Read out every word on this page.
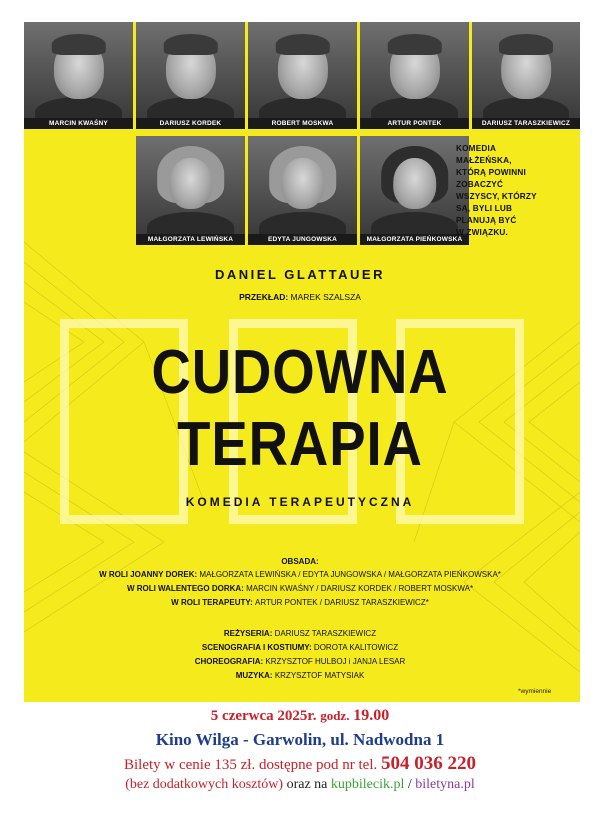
MARCIN KWAŚNY	DARIUSZ KORDEK	ROBERT MOSKWA	ARTUR PONTEK	DARIUSZ TARASZKIEWICZ
MAŁGORZATA LEWIŃSKA	EDYTA JUNGOWSKA	MAŁGORZATA PIEŃKOWSKA
KOMEDIA
MAŁŻEŃSKA,
KTÓRĄ POWINNI
ZOBACZYĆ
WSZYSCY, KTÓRZY
SĄ, BYLI LUB
PLANUJĄ BYĆ
W ZWIĄZKU.
DANIEL GLATTAUER
PRZEKŁAD: MAREK SZALSZA
CUDOWNA
TERAPIA
KOMEDIA TERAPEUTYCZNA
OBSADA:
W ROLI JOANNY DOREK: MAŁGORZATA LEWIŃSKA / EDYTA JUNGOWSKA / MAŁGORZATA PIEŃKOWSKA*
W ROLI WALENTEGO DORKA: MARCIN KWAŚNY / DARIUSZ KORDEK / ROBERT MOSKWA*
W ROLI TERAPEUTY: ARTUR PONTEK / DARIUSZ TARASZKIEWICZ*
REŻYSERIA: DARIUSZ TARASZKIEWICZ
SCENOGRAFIA I KOSTIUMY: DOROTA KALITOWICZ
CHOREOGRAFIA: KRZYSZTOF HULBOJ i JANJA LESAR
MUZYKA: KRZYSZTOF MATYSIAK
*wymiennie
5 czerwca 2025r. godz. 19.00
Kino Wilga - Garwolin, ul. Nadwodna 1
Bilety w cenie 135 zł. dostępne pod nr tel. 504 036 220
(bez dodatkowych kosztów) oraz na kupbilecik.pl / biletyna.pl
